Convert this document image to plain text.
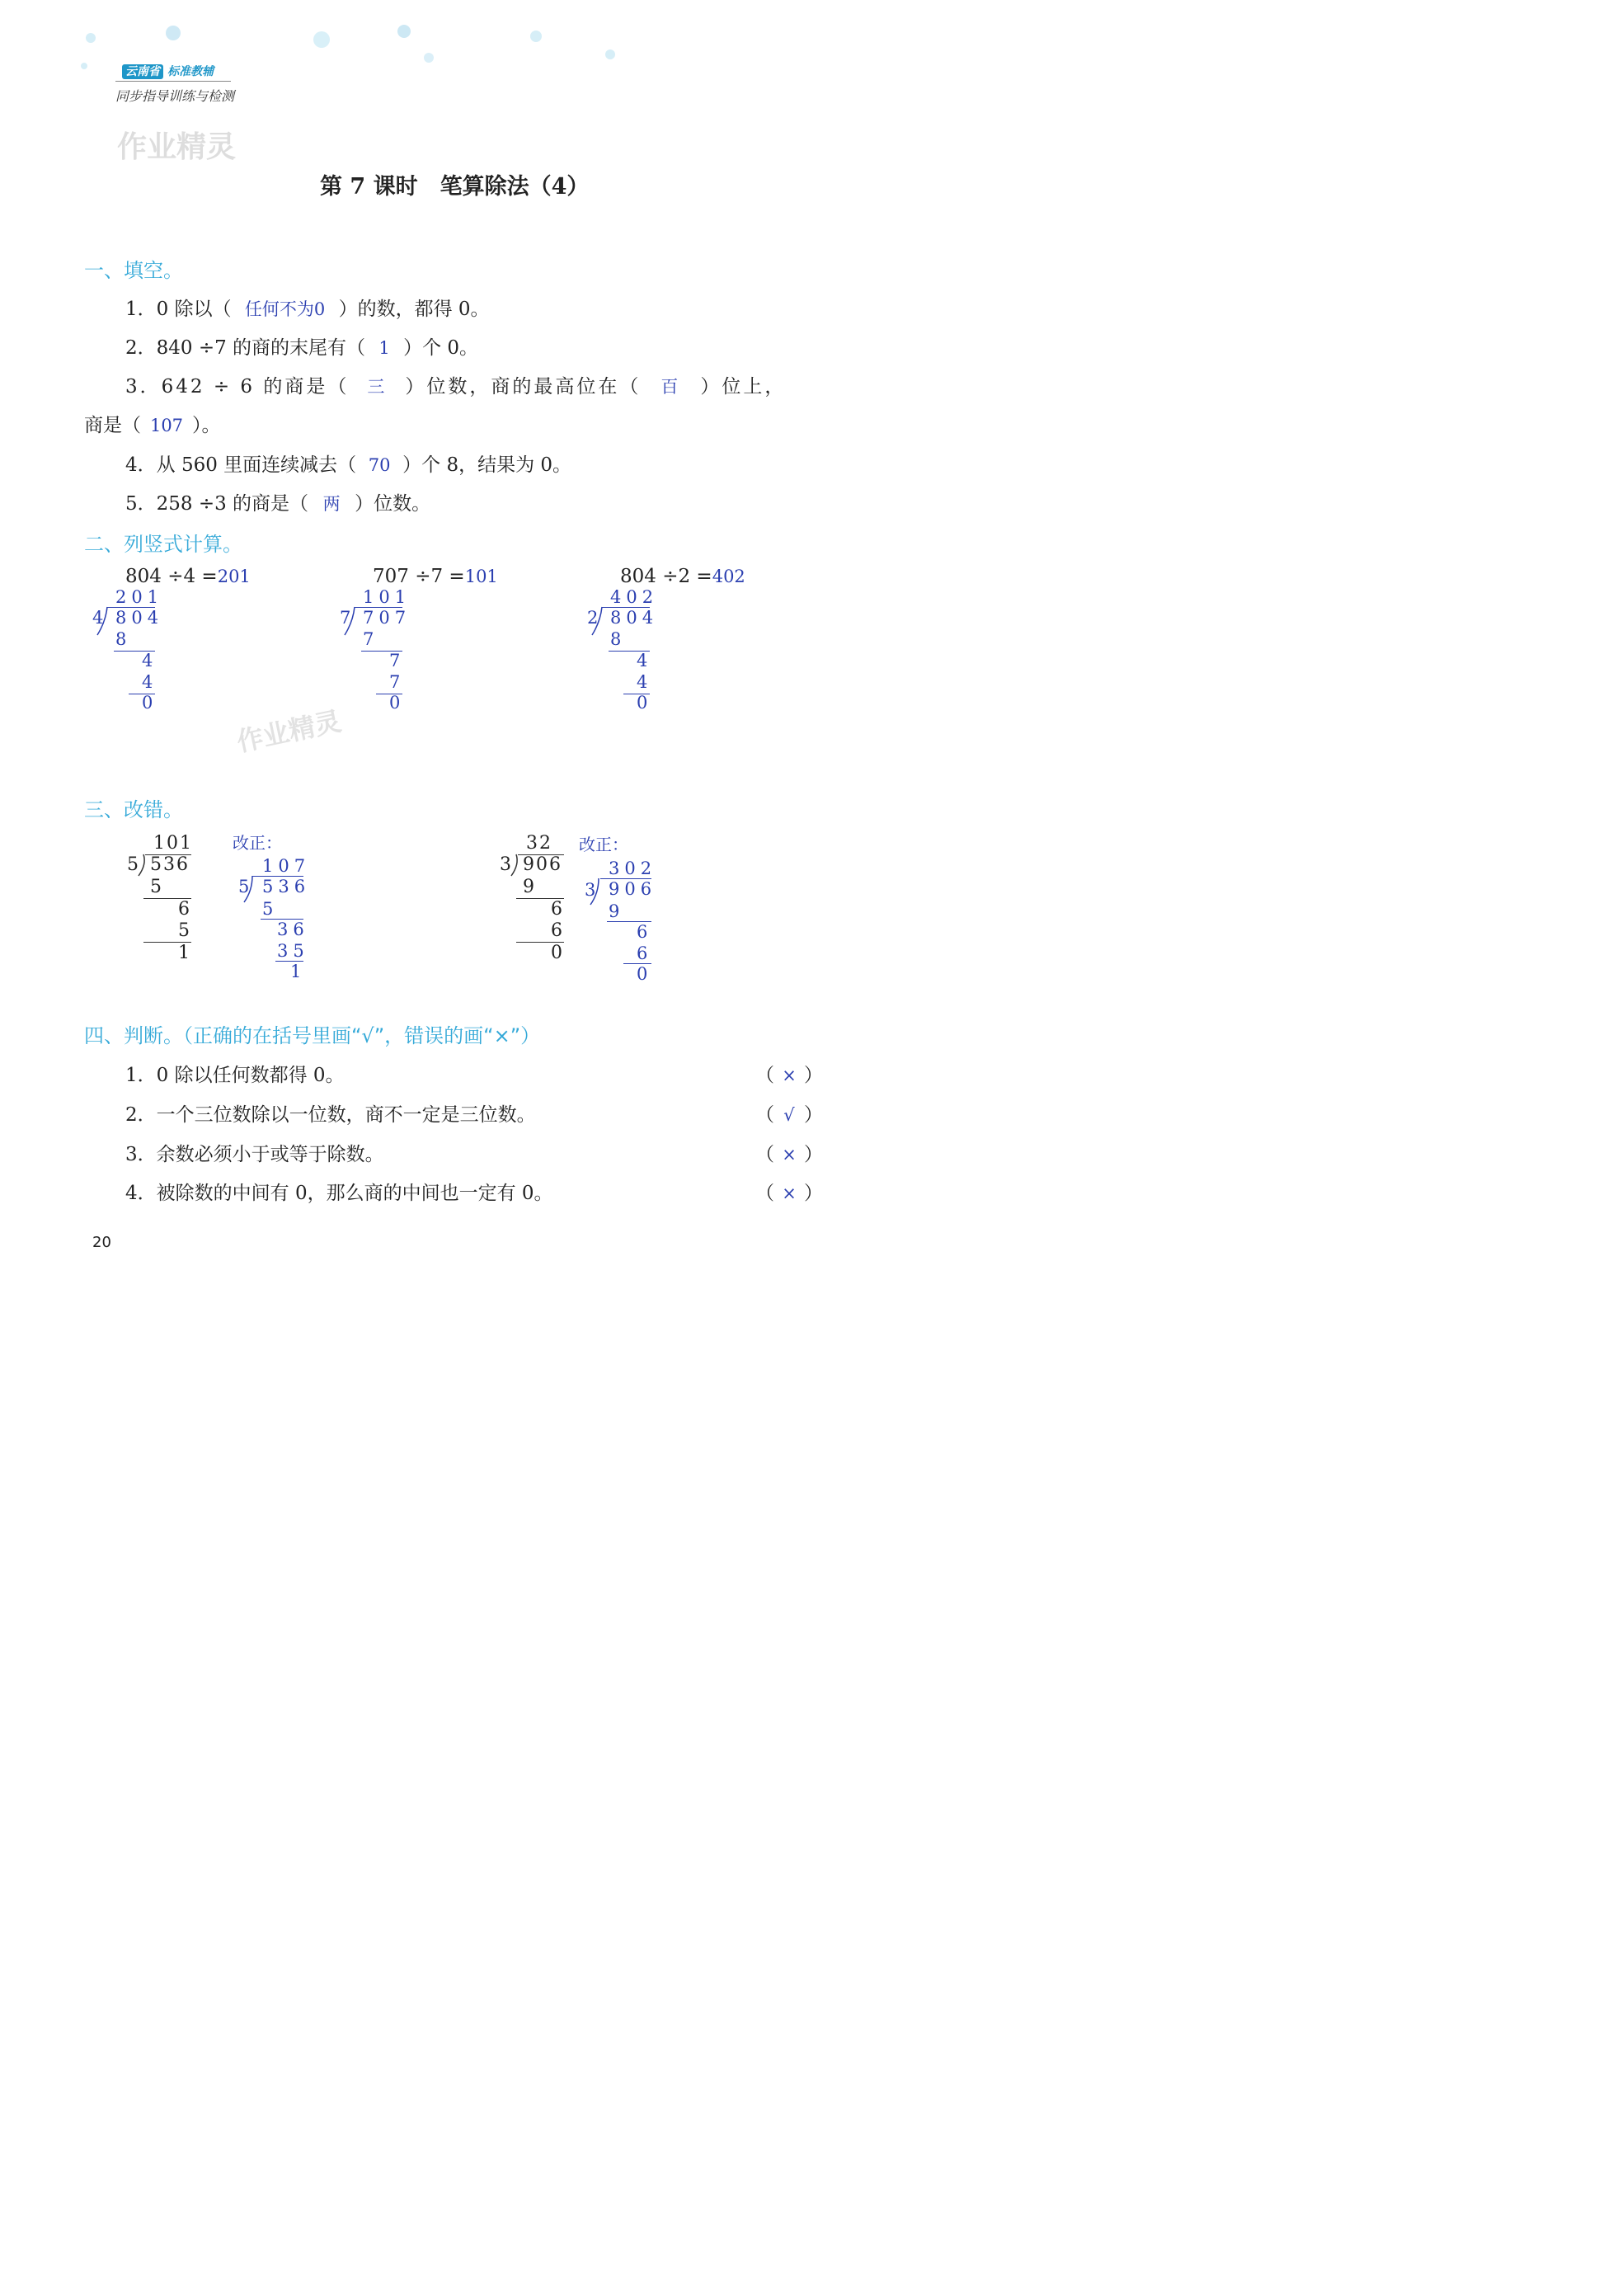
云南省 标准教辅
同步指导训练与检测
作业精灵
第 7 课时　笔算除法（4）
一、填空。
1．0 除以（ 任何不为0 ）的数，都得 0。
2．840 ÷7 的商的末尾有（ 1 ）个 0。
3．642 ÷ 6 的商是（ 三 ）位数，商的最高位在（ 百 ）位上，
商是（ 107 ）。
4．从 560 里面连续减去（ 70 ）个 8，结果为 0。
5．258 ÷3 的商是（ 两 ）位数。
二、列竖式计算。
804 ÷4 =201
201
4 804
8
4
4
0
707 ÷7 =101
101
7 707
7
7
7
0
804 ÷2 =402
402
2 804
8
4
4
0
作业精灵
三、改错。
101
5 536
5
6
5
1
改正：
107
5 536
5
36
35
1
32
3 906
9
6
6
0
改正：
302
3 906
9
6
6
0
四、判断。（正确的在括号里画“√”，错误的画“×”）
1．0 除以任何数都得 0。	（ × ）
2．一个三位数除以一位数，商不一定是三位数。	（ √ ）
3．余数必须小于或等于除数。	（ × ）
4．被除数的中间有 0，那么商的中间也一定有 0。	（ × ）
20
